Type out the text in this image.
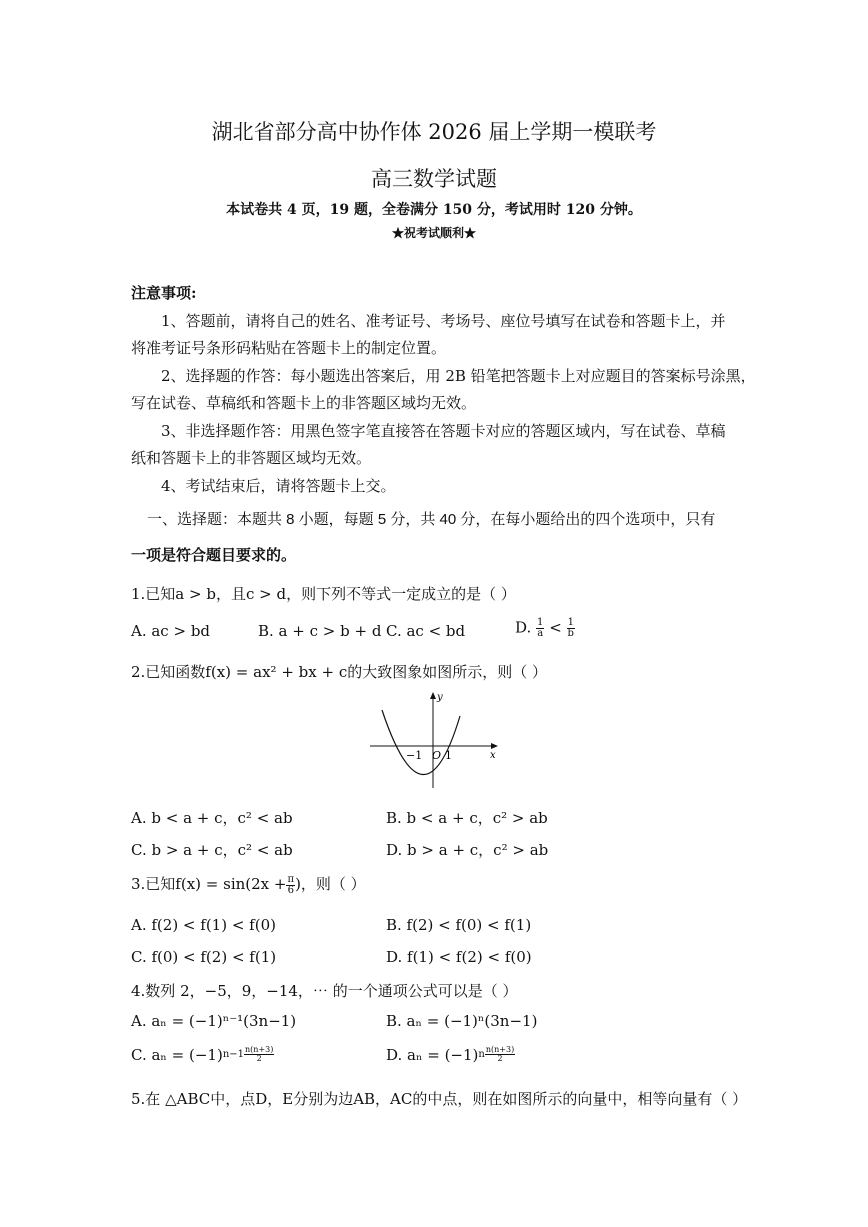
湖北省部分高中协作体 2026 届上学期一模联考
高三数学试题
本试卷共 4 页，19 题，全卷满分 150 分，考试用时 120 分钟。
★祝考试顺利★
注意事项:
1、答题前，请将自己的姓名、准考证号、考场号、座位号填写在试卷和答题卡上，并
将准考证号条形码粘贴在答题卡上的制定位置。
2、选择题的作答：每小题选出答案后，用 2B 铅笔把答题卡上对应题目的答案标号涂黑，
写在试卷、草稿纸和答题卡上的非答题区域均无效。
3、非选择题作答：用黑色签字笔直接答在答题卡对应的答题区域内，写在试卷、草稿
纸和答题卡上的非答题区域均无效。
4、考试结束后，请将答题卡上交。
一、选择题：本题共 8 小题，每题 5 分，共 40 分，在每小题给出的四个选项中，只有
一项是符合题目要求的。
1.已知a > b，且c > d，则下列不等式一定成立的是（ ）
A. ac > bd	B. a + c > b + d C. ac < bd	D. $\frac{1}{a} < \frac{1}{b}$
2.已知函数f(x) = ax² + bx + c的大致图象如图所示，则（ ）
y
x
−1 O 1
A. b < a + c，c² < ab	B. b < a + c，c² > ab
C. b > a + c，c² < ab	D. b > a + c，c² > ab
3.已知$f(x) = \sin(2x + \frac{\pi}{6}$ )，则（ ）
A. f(2) < f(1) < f(0)	B. f(2) < f(0) < f(1)
C. f(0) < f(2) < f(1)	D. f(1) < f(2) < f(0)
4.数列 2，−5，9，−14，⋯ 的一个通项公式可以是（ ）
A. aₙ = (−1)ⁿ⁻¹(3n−1)	B. aₙ = (−1)ⁿ(3n−1)
C. $a_n = (-1)^{n-1 \frac{n(n+3)}{2}}$	D. $a_n = (-1)^{n \frac{n(n+3)}{2}}$
5.在 △ABC中，点D，E分别为边AB，AC的中点，则在如图所示的向量中，相等向量有（ ）
